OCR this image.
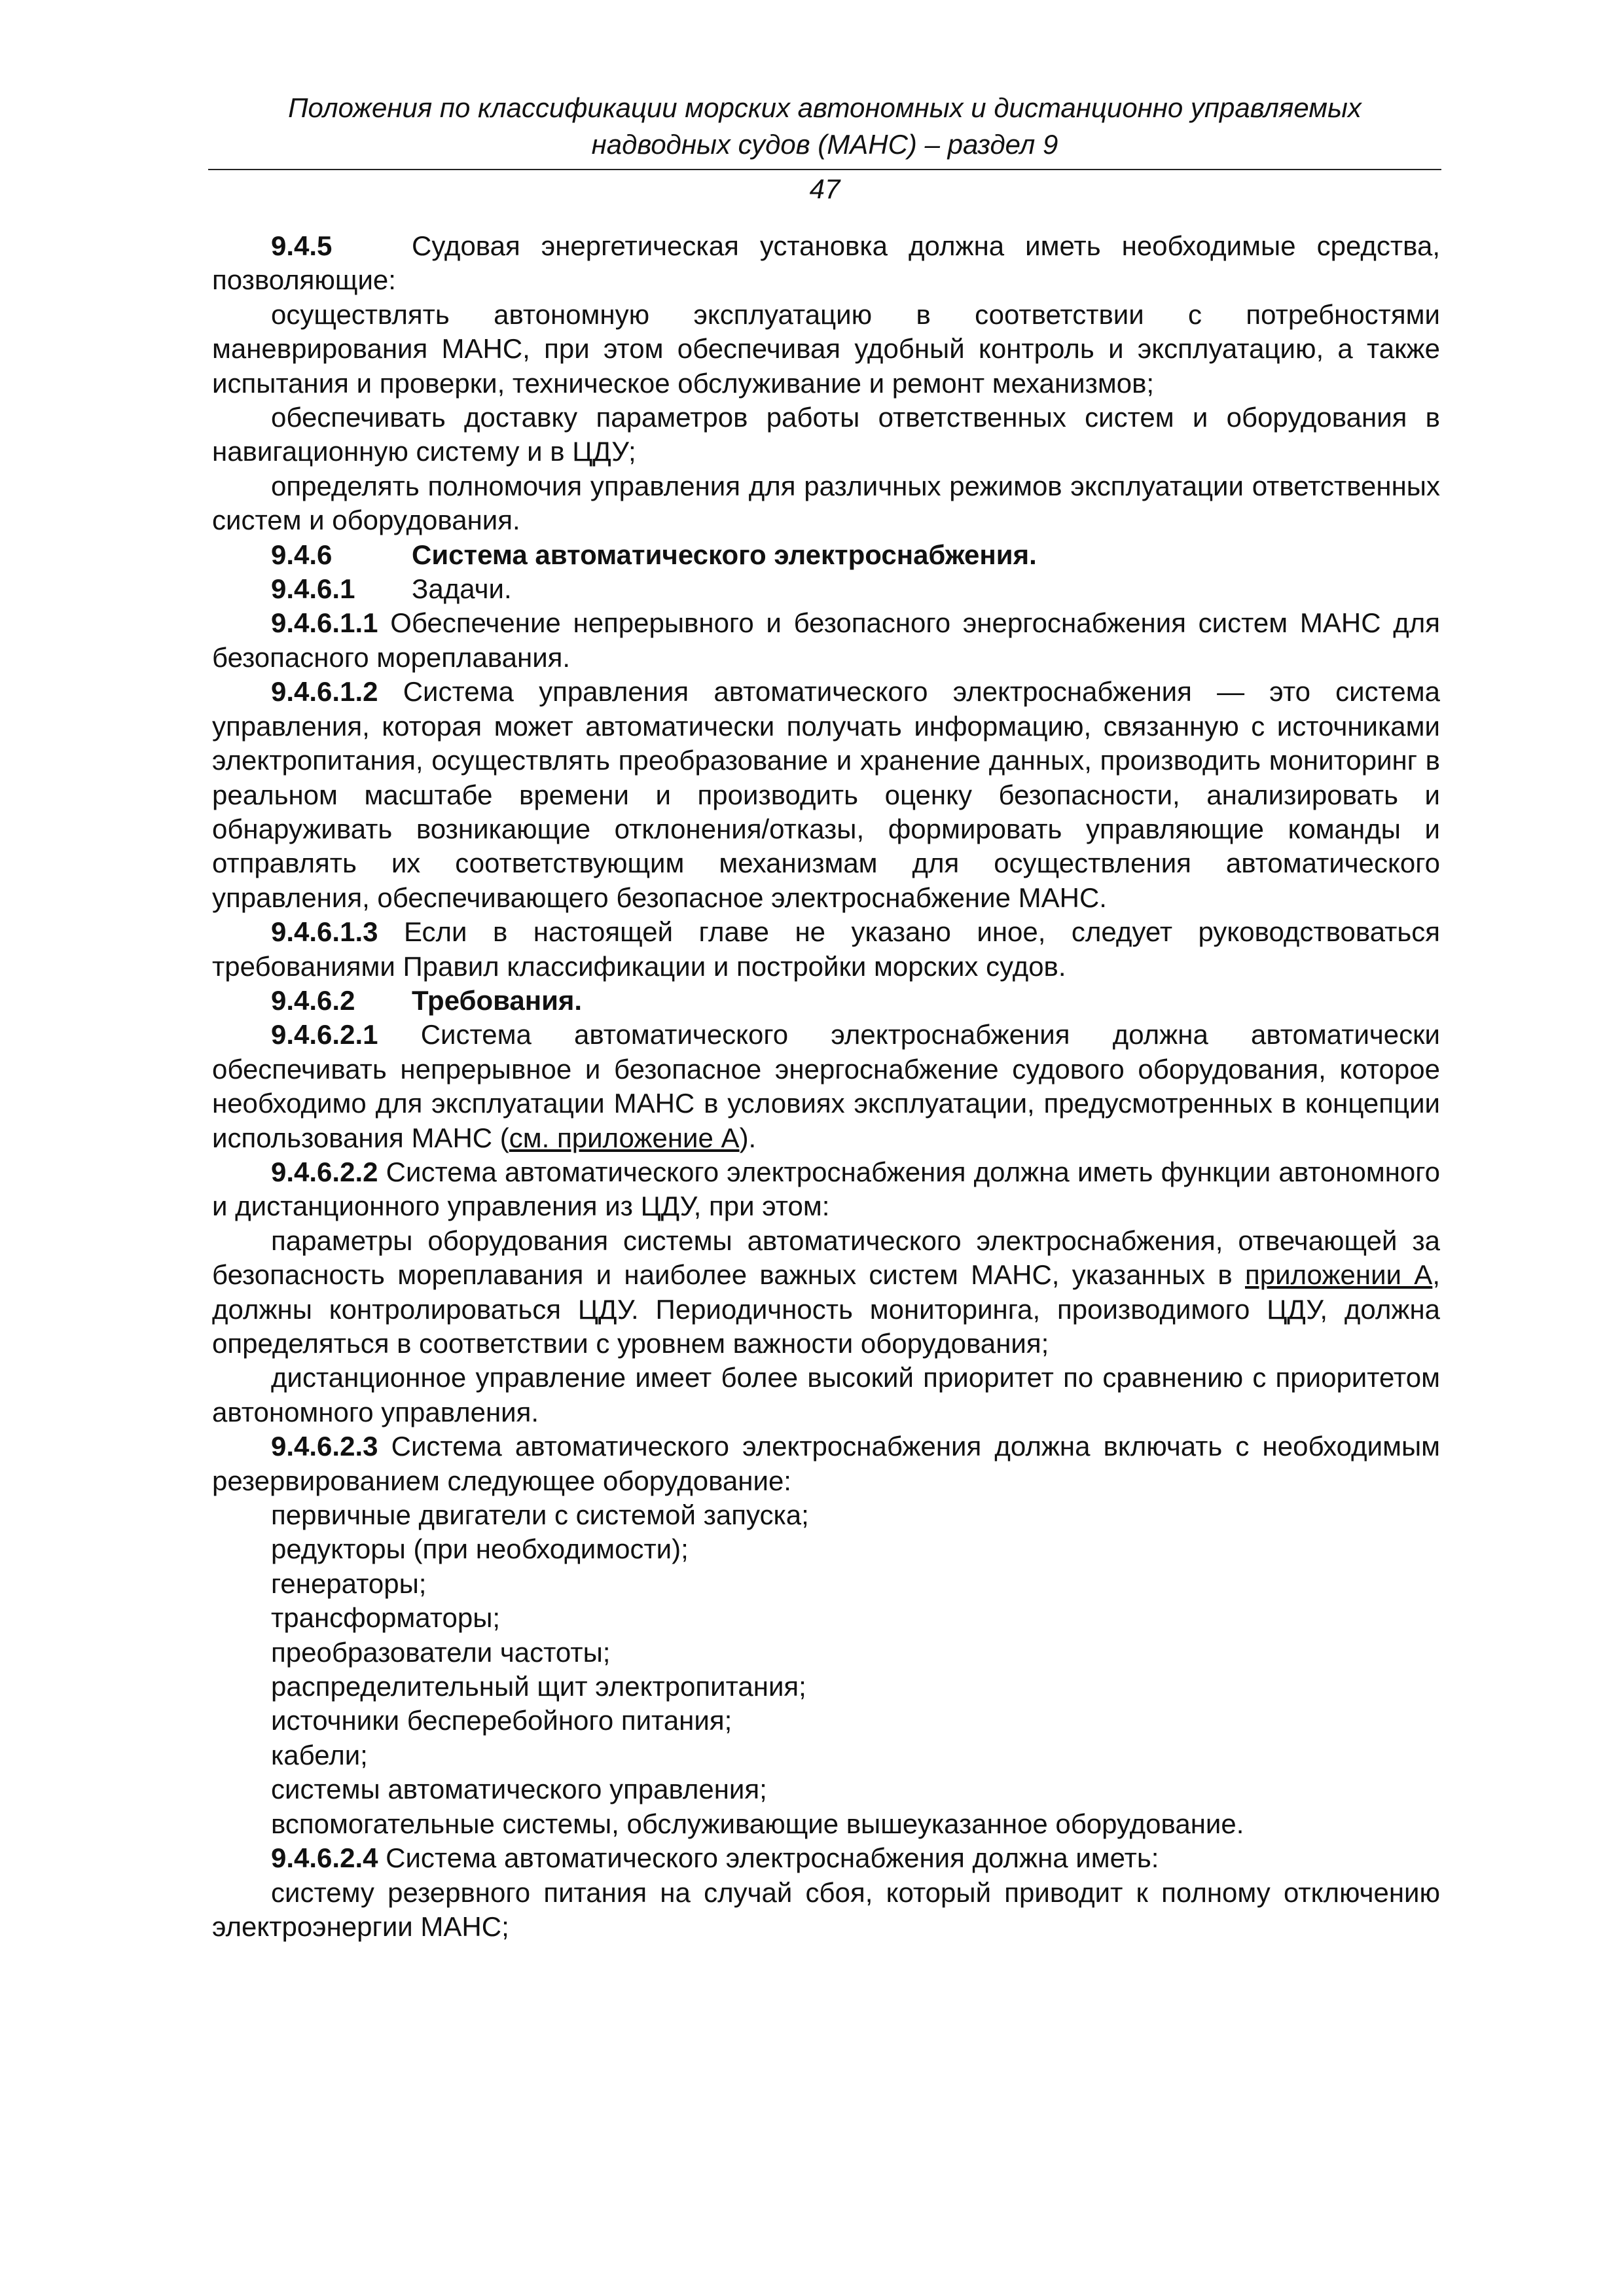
Положения по классификации морских автономных и дистанционно управляемых
надводных судов (МАНС) – раздел 9
47

9.4.5	Судовая энергетическая установка должна иметь необходимые средства, позволяющие:

осуществлять автономную эксплуатацию в соответствии с потребностями маневрирования МАНС, при этом обеспечивая удобный контроль и эксплуатацию, а также испытания и проверки, техническое обслуживание и ремонт механизмов;

обеспечивать доставку параметров работы ответственных систем и оборудования в навигационную систему и в ЦДУ;

определять полномочия управления для различных режимов эксплуатации ответственных систем и оборудования.

9.4.6	Система автоматического электроснабжения.

9.4.6.1 Задачи.

9.4.6.1.1 Обеспечение непрерывного и безопасного энергоснабжения систем МАНС для безопасного мореплавания.

9.4.6.1.2 Система управления автоматического электроснабжения — это система управления, которая может автоматически получать информацию, связанную с источниками электропитания, осуществлять преобразование и хранение данных, производить мониторинг в реальном масштабе времени и производить оценку безопасности, анализировать и обнаруживать возникающие отклонения/отказы, формировать управляющие команды и отправлять их соответствующим механизмам для осуществления автоматического управления, обеспечивающего безопасное электроснабжение МАНС.

9.4.6.1.3 Если в настоящей главе не указано иное, следует руководствоваться требованиями Правил классификации и постройки морских судов.

9.4.6.2 Требования.

9.4.6.2.1 Система автоматического электроснабжения должна автоматически обеспечивать непрерывное и безопасное энергоснабжение судового оборудования, которое необходимо для эксплуатации МАНС в условиях эксплуатации, предусмотренных в концепции использования МАНС (см. приложение А).

9.4.6.2.2 Система автоматического электроснабжения должна иметь функции автономного и дистанционного управления из ЦДУ, при этом:

параметры оборудования системы автоматического электроснабжения, отвечающей за безопасность мореплавания и наиболее важных систем МАНС, указанных в приложении А, должны контролироваться ЦДУ. Периодичность мониторинга, производимого ЦДУ, должна определяться в соответствии с уровнем важности оборудования;

дистанционное управление имеет более высокий приоритет по сравнению с приоритетом автономного управления.

9.4.6.2.3 Система автоматического электроснабжения должна включать с необходимым резервированием следующее оборудование:

первичные двигатели с системой запуска;

редукторы (при необходимости);

генераторы;

трансформаторы;

преобразователи частоты;

распределительный щит электропитания;

источники бесперебойного питания;

кабели;

системы автоматического управления;

вспомогательные системы, обслуживающие вышеуказанное оборудование.

9.4.6.2.4 Система автоматического электроснабжения должна иметь:

систему резервного питания на случай сбоя, который приводит к полному отключению электроэнергии МАНС;
